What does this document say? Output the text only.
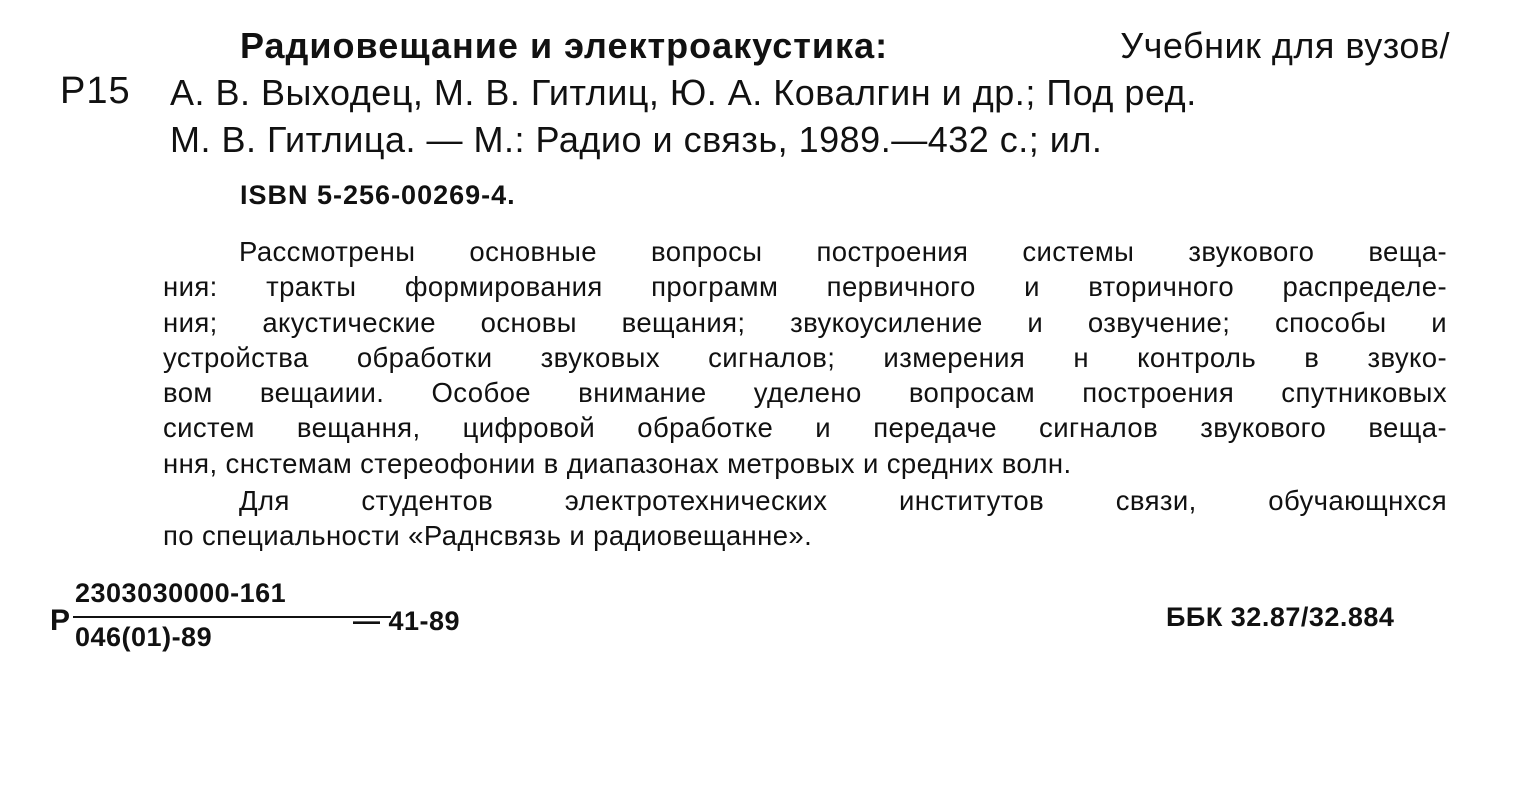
Р15
Радиовещание и электроакустика:	Учебник для вузов/
А. В. Выходец, М. В. Гитлиц, Ю. А. Ковалгин и др.; Под ред.
М. В. Гитлица. — М.: Радио и связь, 1989.—432 с.; ил.
ISBN 5-256-00269-4.
Рассмотрены основные вопросы построения системы звукового веща-
ния: тракты формирования программ первичного и вторичного распределе-
ния; акустические основы вещания; звукоусиление и озвучение; способы и
устройства обработки звуковых сигналов; измерения н контроль в звуко-
вом вещаиии. Особое внимание уделено вопросам построения спутниковых
систем вещання, цифровой обработке и передаче сигналов звукового веща-
ння, снстемам стереофонии в диапазонах метровых и средних волн.
Для студентов электротехнических институтов связи, обучающнхся
по специальности «Раднсвязь и радиовещанне».
Р
2303030000-161
046(01)-89
— 41-89	ББК 32.87/32.884
